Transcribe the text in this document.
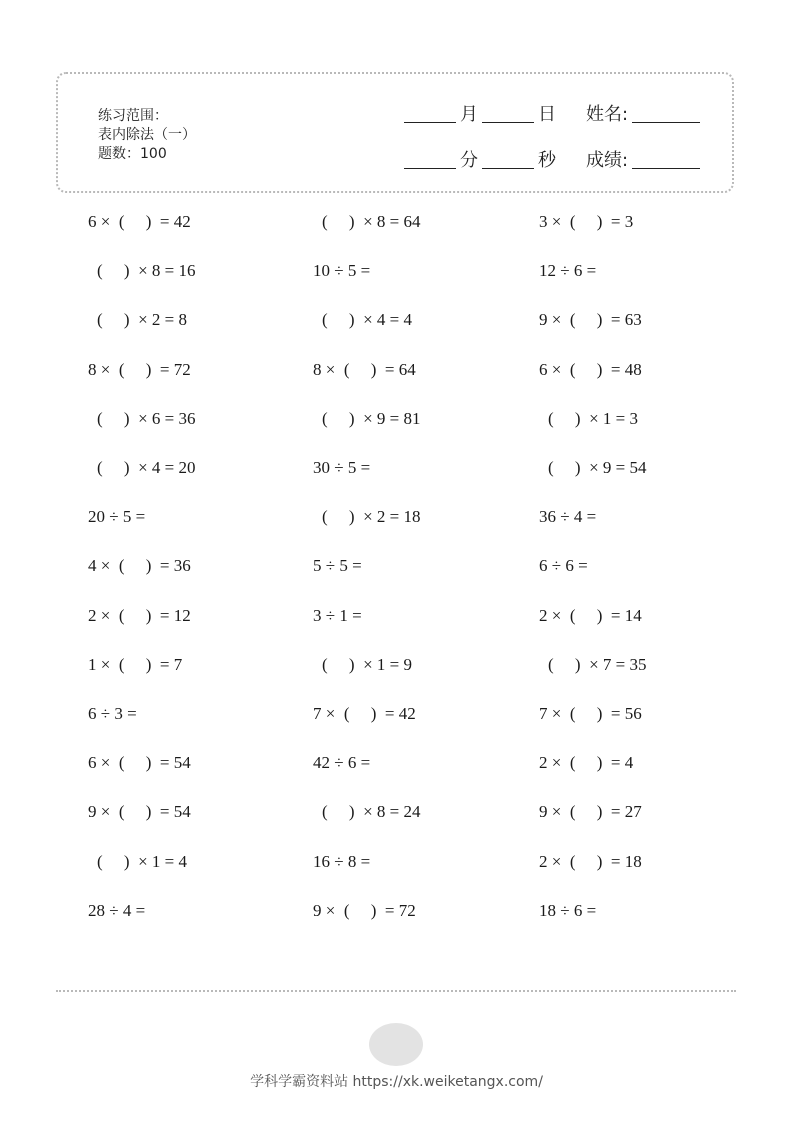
练习范围：
表内除法（一）
题数：100
月	日 姓名:
分	秒 成绩:
6 ×  (     )  = 42
(     )  × 8 = 16
(     )  × 2 = 8
8 ×  (     )  = 72
(     )  × 6 = 36
(     )  × 4 = 20
20 ÷ 5 =
4 ×  (     )  = 36
2 ×  (     )  = 12
1 ×  (     )  = 7
6 ÷ 3 =
6 ×  (     )  = 54
9 ×  (     )  = 54
(     )  × 1 = 4
28 ÷ 4 =
(     )  × 8 = 64
10 ÷ 5 =
(     )  × 4 = 4
8 ×  (     )  = 64
(     )  × 9 = 81
30 ÷ 5 =
(     )  × 2 = 18
5 ÷ 5 =
3 ÷ 1 =
(     )  × 1 = 9
7 ×  (     )  = 42
42 ÷ 6 =
(     )  × 8 = 24
16 ÷ 8 =
9 ×  (     )  = 72
3 ×  (     )  = 3
12 ÷ 6 =
9 ×  (     )  = 63
6 ×  (     )  = 48
(     )  × 1 = 3
(     )  × 9 = 54
36 ÷ 4 =
6 ÷ 6 =
2 ×  (     )  = 14
(     )  × 7 = 35
7 ×  (     )  = 56
2 ×  (     )  = 4
9 ×  (     )  = 27
2 ×  (     )  = 18
18 ÷ 6 =
学科学霸资料站 https://xk.weiketangx.com/
